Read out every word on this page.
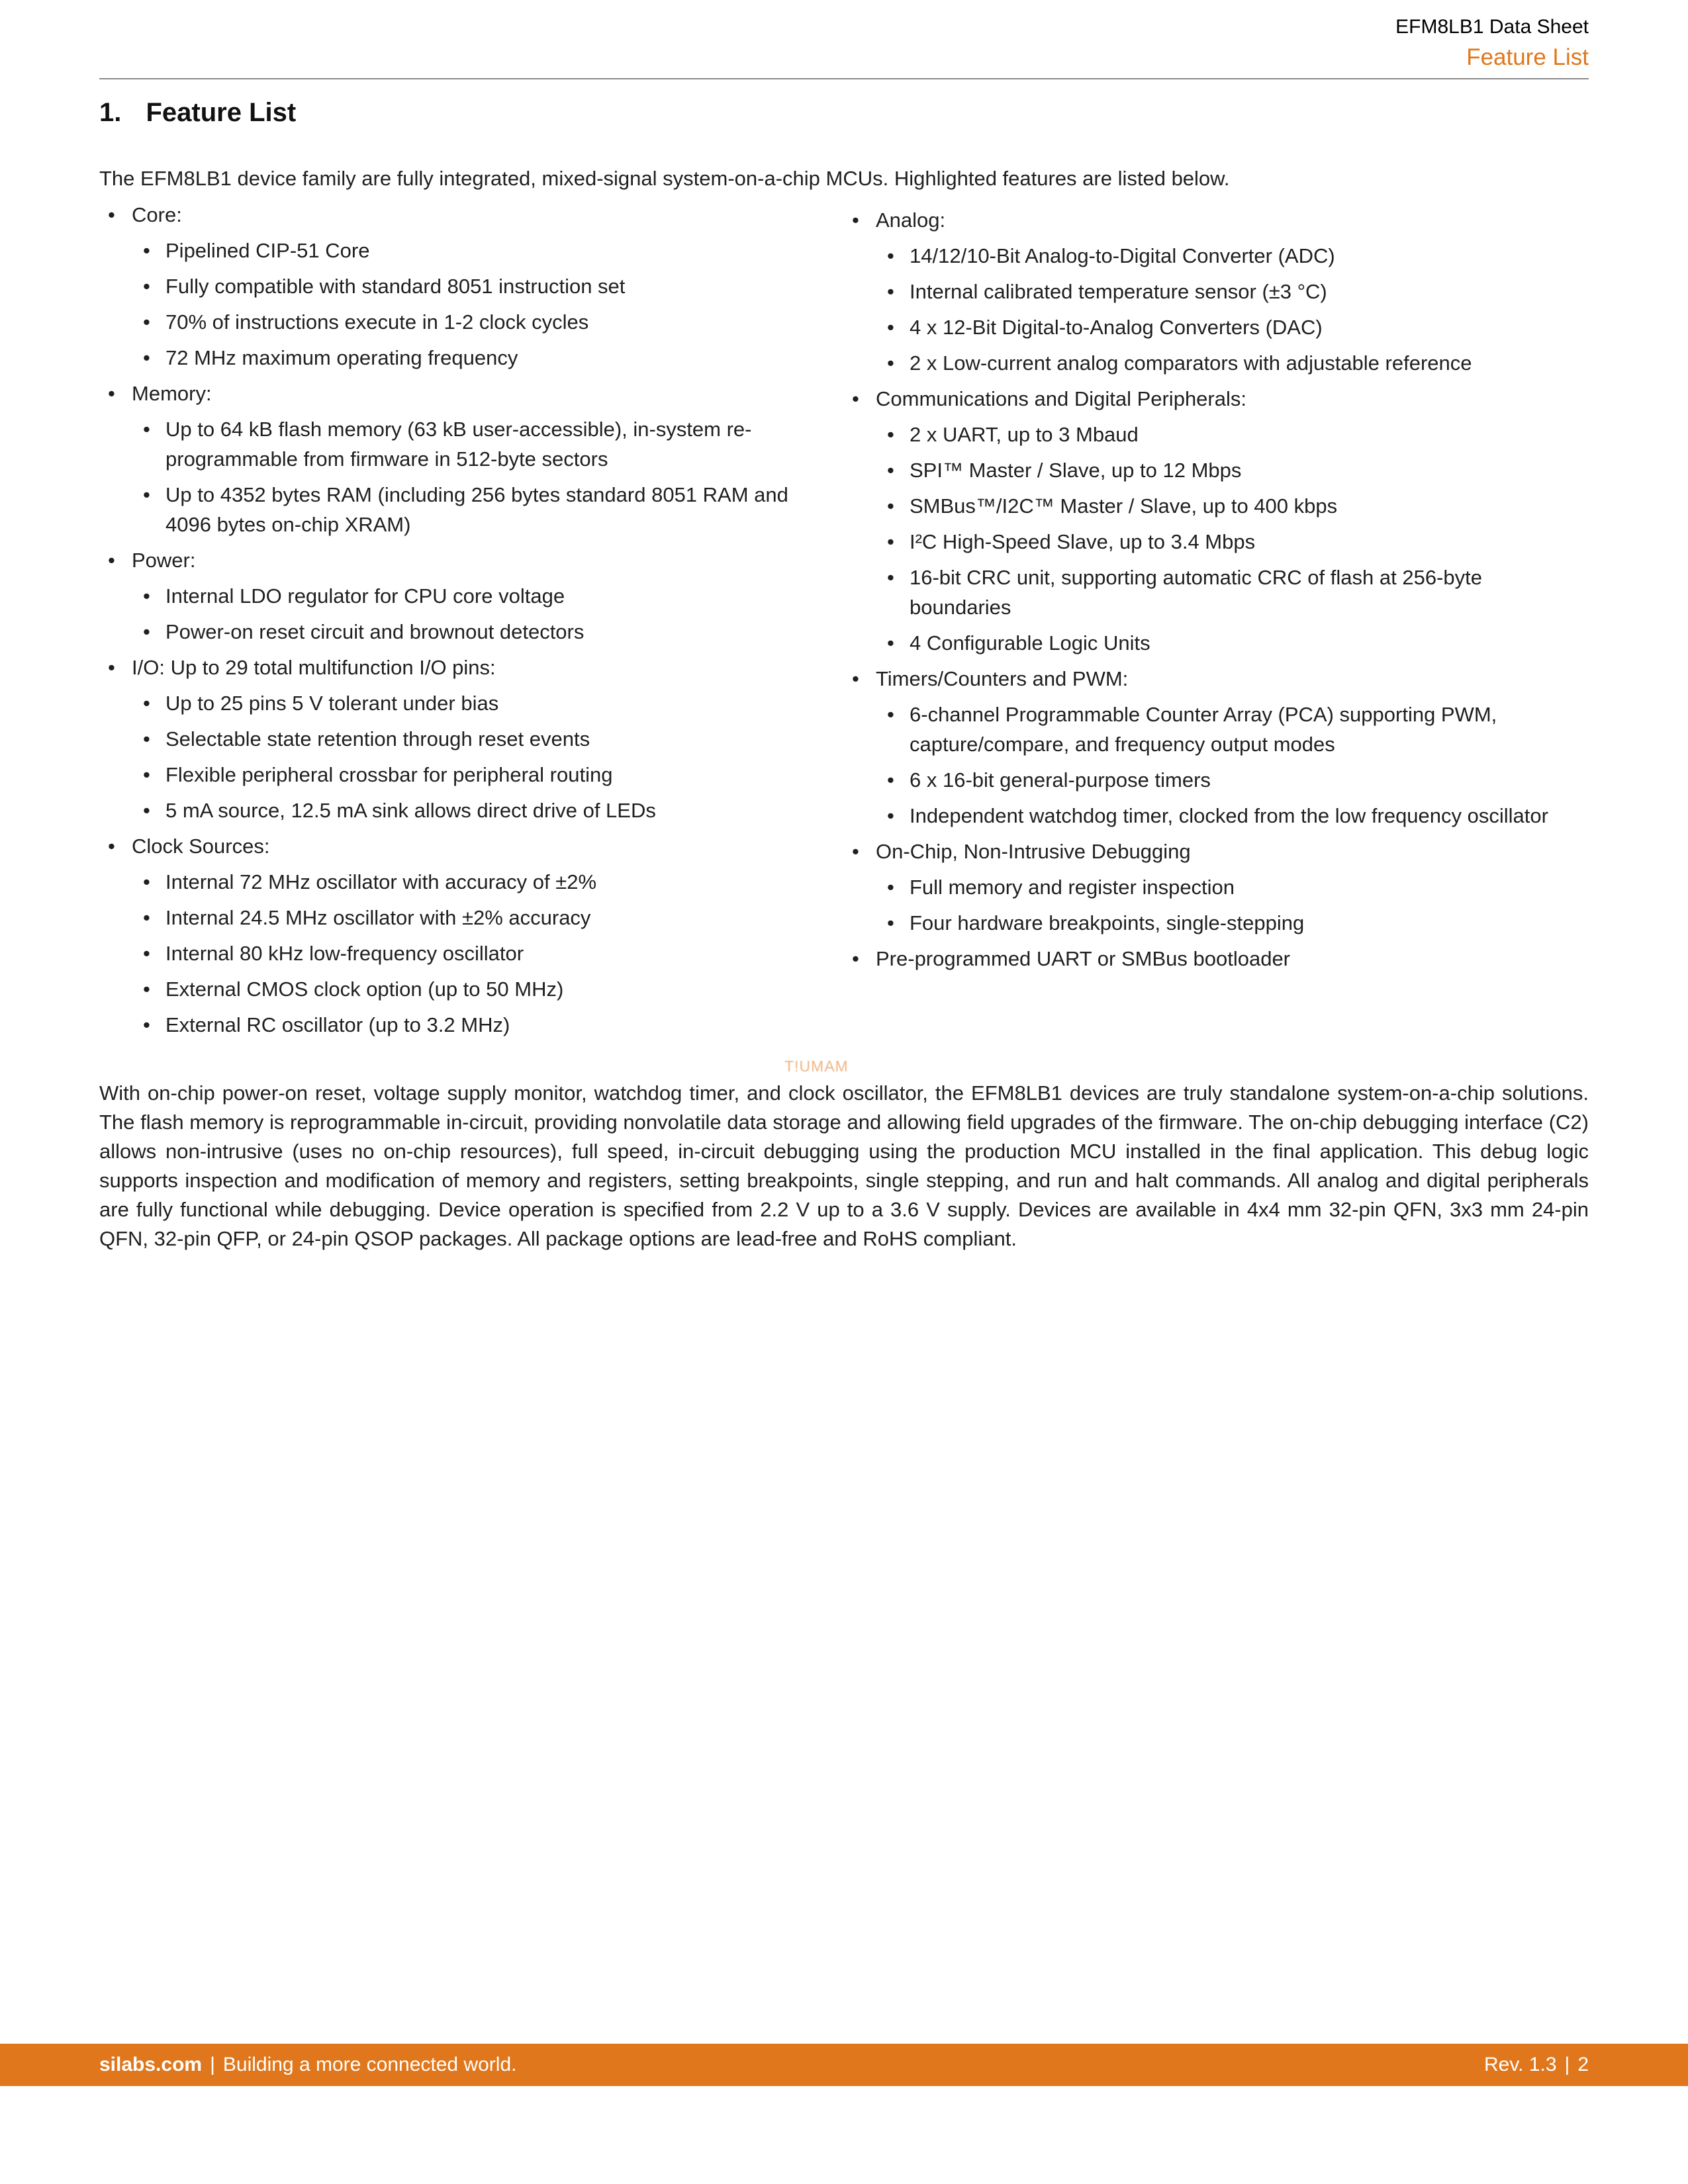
EFM8LB1 Data Sheet
Feature List
1. Feature List
The EFM8LB1 device family are fully integrated, mixed-signal system-on-a-chip MCUs. Highlighted features are listed below.
• Core:
• Pipelined CIP-51 Core
• Fully compatible with standard 8051 instruction set
• 70% of instructions execute in 1-2 clock cycles
• 72 MHz maximum operating frequency
• Memory:
• Up to 64 kB flash memory (63 kB user-accessible), in-system re-programmable from firmware in 512-byte sectors
• Up to 4352 bytes RAM (including 256 bytes standard 8051 RAM and 4096 bytes on-chip XRAM)
• Power:
• Internal LDO regulator for CPU core voltage
• Power-on reset circuit and brownout detectors
• I/O: Up to 29 total multifunction I/O pins:
• Up to 25 pins 5 V tolerant under bias
• Selectable state retention through reset events
• Flexible peripheral crossbar for peripheral routing
• 5 mA source, 12.5 mA sink allows direct drive of LEDs
• Clock Sources:
• Internal 72 MHz oscillator with accuracy of ±2%
• Internal 24.5 MHz oscillator with ±2% accuracy
• Internal 80 kHz low-frequency oscillator
• External CMOS clock option (up to 50 MHz)
• External RC oscillator (up to 3.2 MHz)
• Analog:
• 14/12/10-Bit Analog-to-Digital Converter (ADC)
• Internal calibrated temperature sensor (±3 °C)
• 4 x 12-Bit Digital-to-Analog Converters (DAC)
• 2 x Low-current analog comparators with adjustable reference
• Communications and Digital Peripherals:
• 2 x UART, up to 3 Mbaud
• SPI™ Master / Slave, up to 12 Mbps
• SMBus™/I2C™ Master / Slave, up to 400 kbps
• I²C High-Speed Slave, up to 3.4 Mbps
• 16-bit CRC unit, supporting automatic CRC of flash at 256-byte boundaries
• 4 Configurable Logic Units
• Timers/Counters and PWM:
• 6-channel Programmable Counter Array (PCA) supporting PWM, capture/compare, and frequency output modes
• 6 x 16-bit general-purpose timers
• Independent watchdog timer, clocked from the low frequency oscillator
• On-Chip, Non-Intrusive Debugging
• Full memory and register inspection
• Four hardware breakpoints, single-stepping
• Pre-programmed UART or SMBus bootloader
T!UMAM
With on-chip power-on reset, voltage supply monitor, watchdog timer, and clock oscillator, the EFM8LB1 devices are truly standalone system-on-a-chip solutions. The flash memory is reprogrammable in-circuit, providing nonvolatile data storage and allowing field upgrades of the firmware. The on-chip debugging interface (C2) allows non-intrusive (uses no on-chip resources), full speed, in-circuit debugging using the production MCU installed in the final application. This debug logic supports inspection and modification of memory and registers, setting breakpoints, single stepping, and run and halt commands. All analog and digital peripherals are fully functional while debugging. Device operation is specified from 2.2 V up to a 3.6 V supply. Devices are available in 4x4 mm 32-pin QFN, 3x3 mm 24-pin QFN, 32-pin QFP, or 24-pin QSOP packages. All package options are lead-free and RoHS compliant.
silabs.com | Building a more connected world.	Rev. 1.3 | 2
